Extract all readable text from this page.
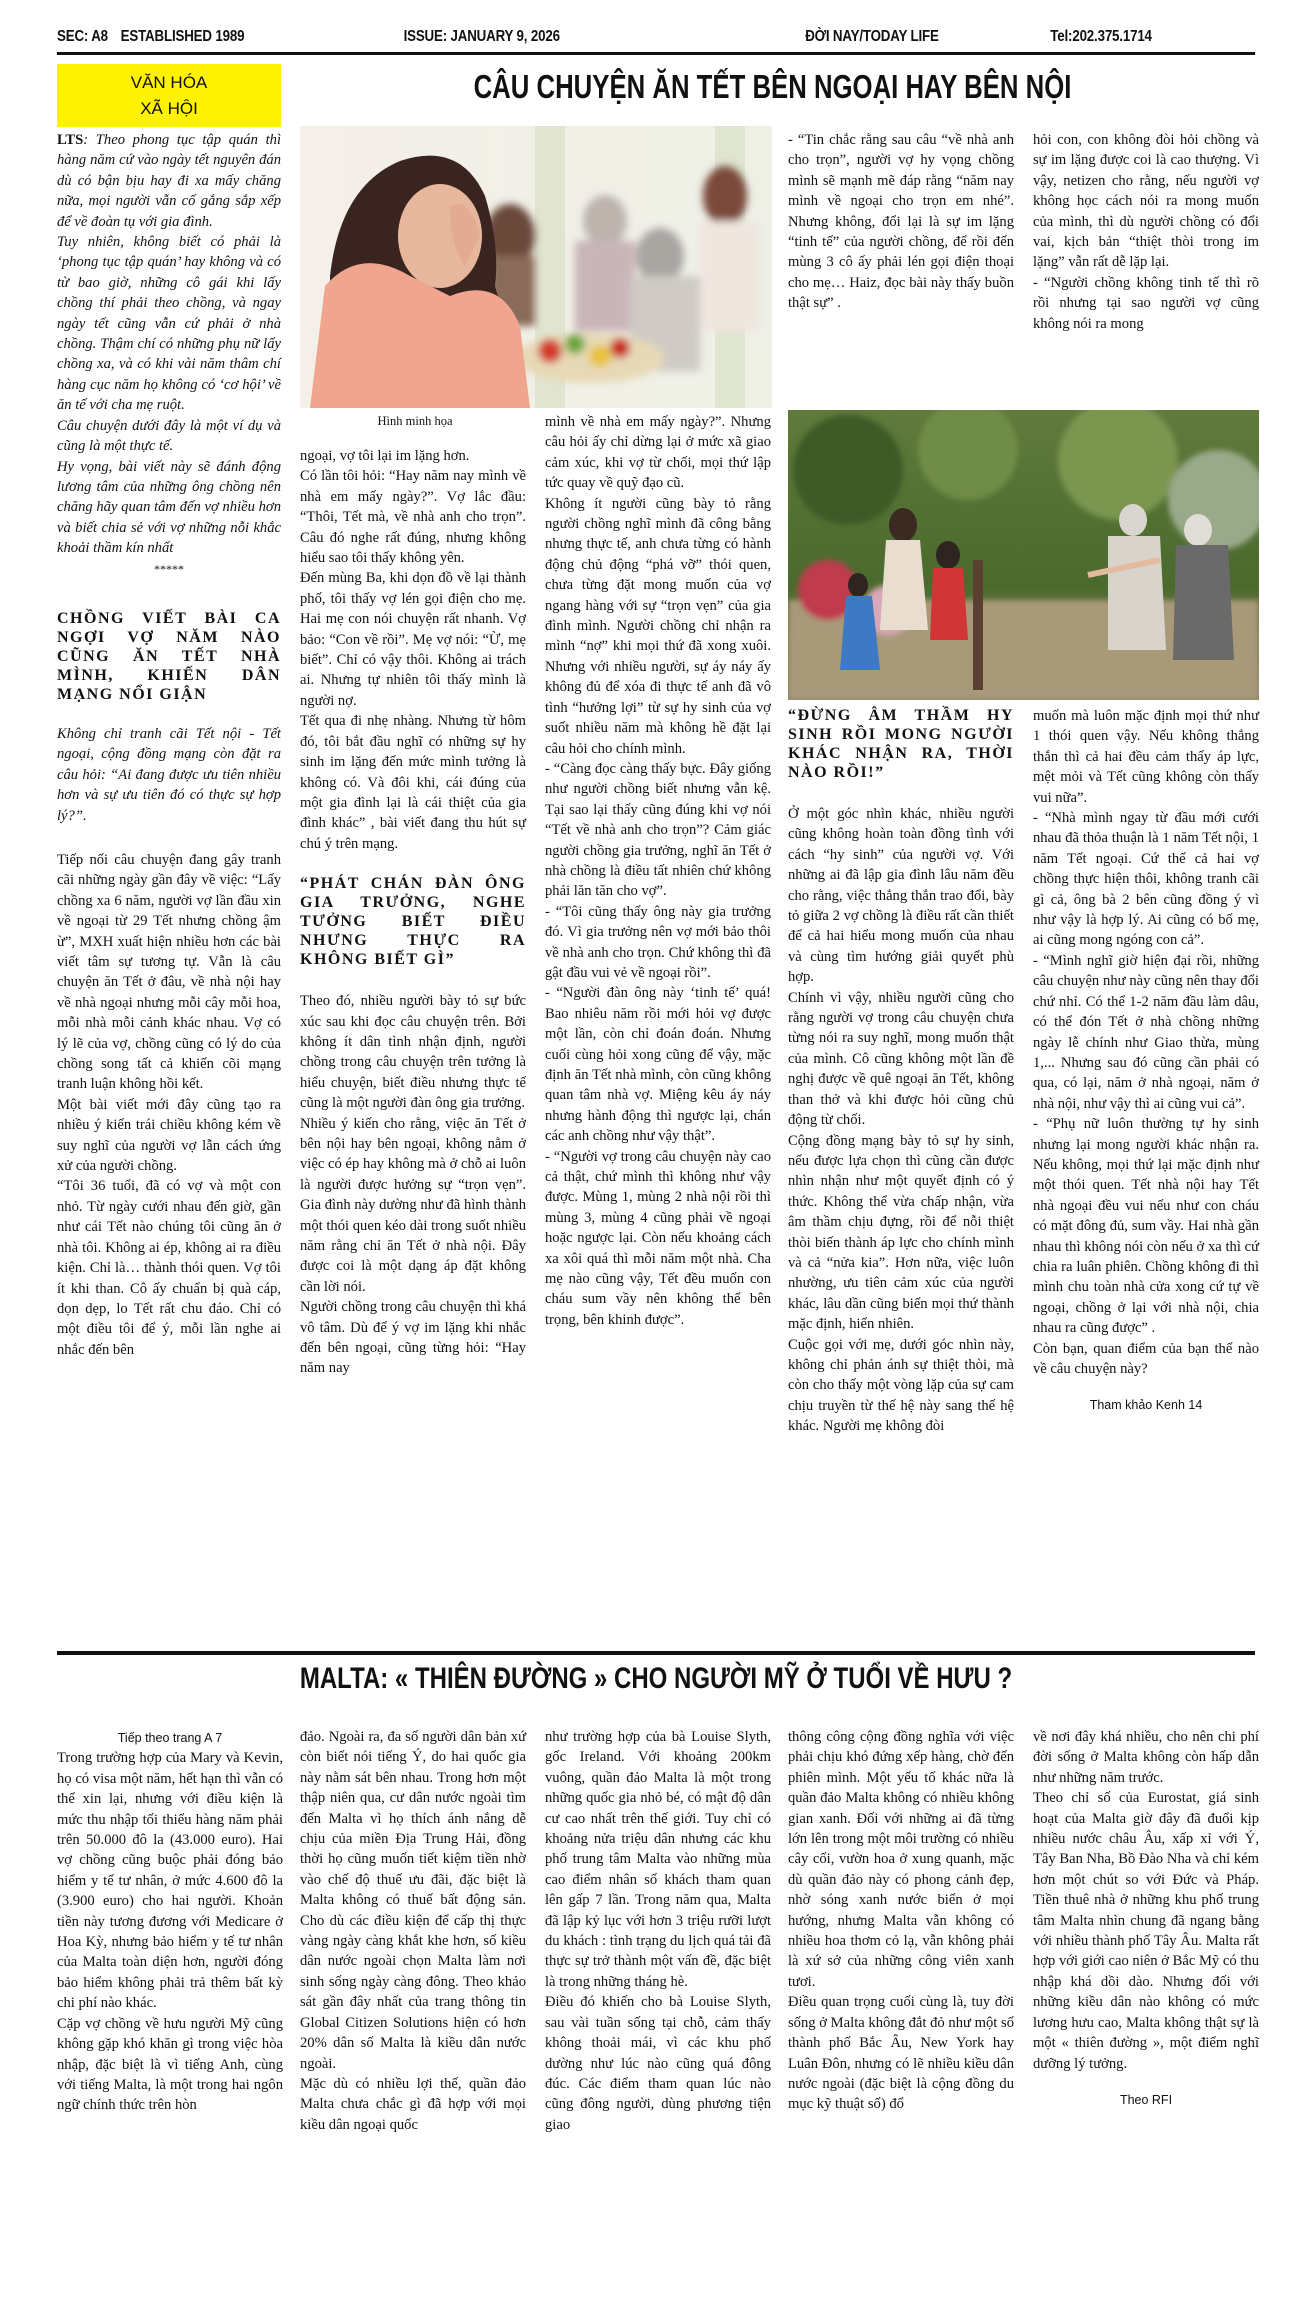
SEC: A8 ESTABLISHED 1989	ISSUE: JANUARY 9, 2026	ĐỜI NAY/TODAY LIFE	Tel:202.375.1714
VĂN HÓA
XÃ HỘI
CÂU CHUYỆN ĂN TẾT BÊN NGOẠI HAY BÊN NỘI

LTS: Theo phong tục tập quán thì hàng năm cứ vào ngày tết nguyên đán dù có bận bịu hay đi xa mấy chăng nữa, mọi người vẫn cố gắng sắp xếp để về đoàn tụ với gia đình.

Tuy nhiên, không biết có phải là ‘phong tục tập quán’ hay không và có từ bao giờ, những cô gái khi lấy chồng thí phải theo chồng, và ngay ngày tết cũng vẫn cứ phải ở nhà chồng. Thậm chí có những phụ nữ lấy chồng xa, và có khi vài năm thâm chí hàng cục năm họ không có ‘cơ hội’ về ăn tế với cha mẹ ruột.

Câu chuyện dưới đây là một ví dụ và cũng là một thực tế.

Hy vọng, bài viết này sẽ đánh động lương tâm của những ông chồng nên chăng hãy quan tâm đến vợ nhiều hơn và biết chia sẻ với vợ những nỗi khắc khoải thầm kín nhất

*****

CHỒNG VIẾT BÀI CA NGỢI VỢ NĂM NÀO CŨNG ĂN TẾT NHÀ MÌNH, KHIẾN DÂN MẠNG NỔI GIẬN

Không chỉ tranh cãi Tết nội - Tết ngoại, cộng đồng mạng còn đặt ra câu hỏi: “Ai đang được ưu tiên nhiều hơn và sự ưu tiên đó có thực sự hợp lý?”.

Tiếp nối câu chuyện đang gây tranh cãi những ngày gần đây về việc: “Lấy chồng xa 6 năm, người vợ lần đầu xin về ngoại từ 29 Tết nhưng chồng ậm ừ”, MXH xuất hiện nhiều hơn các bài viết tâm sự tương tự. Vẫn là câu chuyện ăn Tết ở đâu, về nhà nội hay về nhà ngoại nhưng mỗi cây mỗi hoa, mỗi nhà mỗi cảnh khác nhau. Vợ có lý lẽ của vợ, chồng cũng có lý do của chồng song tất cả khiến cõi mạng tranh luận không hồi kết.

Một bài viết mới đây cũng tạo ra nhiều ý kiến trái chiều không kém về suy nghĩ của người vợ lẫn cách ứng xử của người chồng.

“Tôi 36 tuổi, đã có vợ và một con nhỏ. Từ ngày cưới nhau đến giờ, gần như cái Tết nào chúng tôi cũng ăn ở nhà tôi. Không ai ép, không ai ra điều kiện. Chỉ là… thành thói quen. Vợ tôi ít khi than. Cô ấy chuẩn bị quà cáp, dọn dẹp, lo Tết rất chu đáo. Chỉ có một điều tôi để ý, mỗi lần nghe ai nhắc đến bên

Hình minh họa

ngoại, vợ tôi lại im lặng hơn.

Có lần tôi hỏi: “Hay năm nay mình về nhà em mấy ngày?”. Vợ lắc đầu: “Thôi, Tết mà, về nhà anh cho trọn”. Câu đó nghe rất đúng, nhưng không hiểu sao tôi thấy không yên.

Đến mùng Ba, khi dọn đồ về lại thành phố, tôi thấy vợ lén gọi điện cho mẹ. Hai mẹ con nói chuyện rất nhanh. Vợ bảo: “Con về rồi”. Mẹ vợ nói: “Ừ, mẹ biết”. Chỉ có vậy thôi. Không ai trách ai. Nhưng tự nhiên tôi thấy mình là người nợ.

Tết qua đi nhẹ nhàng. Nhưng từ hôm đó, tôi bắt đầu nghĩ có những sự hy sinh im lặng đến mức mình tưởng là không có. Và đôi khi, cái đúng của một gia đình lại là cái thiệt của gia đình khác” , bài viết đang thu hút sự chú ý trên mạng.

“PHÁT CHÁN ĐÀN ÔNG GIA TRƯỞNG, NGHE TƯỞNG BIẾT ĐIỀU NHƯNG THỰC RA KHÔNG BIẾT GÌ”

Theo đó, nhiều người bày tỏ sự bức xúc sau khi đọc câu chuyện trên. Bởi không ít dân tình nhận định, người chồng trong câu chuyện trên tưởng là hiểu chuyện, biết điều nhưng thực tế cũng là một người đàn ông gia trưởng.

Nhiều ý kiến cho rằng, việc ăn Tết ở bên nội hay bên ngoại, không nằm ở việc có ép hay không mà ở chỗ ai luôn là người được hưởng sự “trọn vẹn”. Gia đình này dường như đã hình thành một thói quen kéo dài trong suốt nhiều năm rằng chỉ ăn Tết ở nhà nội. Đây được coi là một dạng áp đặt không cần lời nói.

Người chồng trong câu chuyện thì khá vô tâm. Dù để ý vợ im lặng khi nhắc đến bên ngoại, cũng từng hỏi: “Hay năm nay

mình về nhà em mấy ngày?”. Nhưng câu hỏi ấy chỉ dừng lại ở mức xã giao cảm xúc, khi vợ từ chối, mọi thứ lập tức quay về quỹ đạo cũ.

Không ít người cũng bày tỏ rằng người chồng nghĩ mình đã công bằng nhưng thực tế, anh chưa từng có hành động chủ động “phá vỡ” thói quen, chưa từng đặt mong muốn của vợ ngang hàng với sự “trọn vẹn” của gia đình mình. Người chồng chỉ nhận ra mình “nợ” khi mọi thứ đã xong xuôi. Nhưng với nhiều người, sự áy náy ấy không đủ để xóa đi thực tế anh đã vô tình “hưởng lợi” từ sự hy sinh của vợ suốt nhiều năm mà không hề đặt lại câu hỏi cho chính mình.

- “Càng đọc càng thấy bực. Đây giống như người chồng biết nhưng vẫn kệ. Tại sao lại thấy cũng đúng khi vợ nói “Tết về nhà anh cho trọn”? Cảm giác người chồng gia trưởng, nghĩ ăn Tết ở nhà chồng là điều tất nhiên chứ không phải lăn tăn cho vợ”.

- “Tôi cũng thấy ông này gia trưởng đó. Vì gia trưởng nên vợ mới bảo thôi về nhà anh cho trọn. Chứ không thì đã gật đầu vui vẻ về ngoại rồi”.

- “Người đàn ông này ‘tinh tế’ quá! Bao nhiêu năm rồi mới hỏi vợ được một lần, còn chỉ đoán đoán. Nhưng cuối cùng hỏi xong cũng để vậy, mặc định ăn Tết nhà mình, còn cũng không quan tâm nhà vợ. Miệng kêu áy náy nhưng hành động thì ngược lại, chán các anh chồng như vậy thật”.

- “Người vợ trong câu chuyện này cao cả thật, chứ mình thì không như vậy được. Mùng 1, mùng 2 nhà nội rồi thì mùng 3, mùng 4 cũng phải về ngoại hoặc ngược lại. Còn nếu khoảng cách xa xôi quá thì mỗi năm một nhà. Cha mẹ nào cũng vậy, Tết đều muốn con cháu sum vầy nên không thể bên trọng, bên khinh được”.

- “Tin chắc rằng sau câu “về nhà anh cho trọn”, người vợ hy vọng chồng mình sẽ mạnh mẽ đáp rằng “năm nay mình về ngoại cho trọn em nhé”. Nhưng không, đổi lại là sự im lặng “tinh tế” của người chồng, để rồi đến mùng 3 cô ấy phải lén gọi điện thoại cho mẹ… Haiz, đọc bài này thấy buồn thật sự” .

hỏi con, con không đòi hỏi chồng và sự im lặng được coi là cao thượng. Vì vậy, netizen cho rằng, nếu người vợ không học cách nói ra mong muốn của mình, thì dù người chồng có đổi vai, kịch bản “thiệt thòi trong im lặng” vẫn rất dễ lặp lại.

- “Người chồng không tinh tế thì rõ rồi nhưng tại sao người vợ cũng không nói ra mong

“ĐỪNG ÂM THẦM HY SINH RỒI MONG NGƯỜI KHÁC NHẬN RA, THỜI NÀO RỒI!”

Ở một góc nhìn khác, nhiều người cũng không hoàn toàn đồng tình với cách “hy sinh” của người vợ. Với những ai đã lập gia đình lâu năm đều cho rằng, việc thẳng thắn trao đổi, bày tỏ giữa 2 vợ chồng là điều rất cần thiết để cả hai hiểu mong muốn của nhau và cùng tìm hướng giải quyết phù hợp.

Chính vì vậy, nhiều người cũng cho rằng người vợ trong câu chuyện chưa từng nói ra suy nghĩ, mong muốn thật của mình. Cô cũng không một lần đề nghị được về quê ngoại ăn Tết, không than thở và khi được hỏi cũng chủ động từ chối.

Cộng đồng mạng bày tỏ sự hy sinh, nếu được lựa chọn thì cũng cần được nhìn nhận như một quyết định có ý thức. Không thể vừa chấp nhận, vừa âm thầm chịu đựng, rồi để nỗi thiệt thòi biến thành áp lực cho chính mình và cả “nửa kia”. Hơn nữa, việc luôn nhường, ưu tiên cảm xúc của người khác, lâu dần cũng biến mọi thứ thành mặc định, hiển nhiên.

Cuộc gọi với mẹ, dưới góc nhìn này, không chỉ phản ánh sự thiệt thòi, mà còn cho thấy một vòng lặp của sự cam chịu truyền từ thế hệ này sang thế hệ khác. Người mẹ không đòi

muốn mà luôn mặc định mọi thứ như 1 thói quen vậy. Nếu không thẳng thắn thì cả hai đều cảm thấy áp lực, mệt mỏi và Tết cũng không còn thấy vui nữa”.

- “Nhà mình ngay từ đầu mới cưới nhau đã thỏa thuận là 1 năm Tết nội, 1 năm Tết ngoại. Cứ thế cả hai vợ chồng thực hiện thôi, không tranh cãi gì cả, ông bà 2 bên cũng đồng ý vì như vậy là hợp lý. Ai cũng có bố mẹ, ai cũng mong ngóng con cả”.

- “Mình nghĩ giờ hiện đại rồi, những câu chuyện như này cũng nên thay đổi chứ nhỉ. Có thể 1-2 năm đầu làm dâu, có thể đón Tết ở nhà chồng những ngày lễ chính như Giao thừa, mùng 1,... Nhưng sau đó cũng cần phải có qua, có lại, năm ở nhà ngoại, năm ở nhà nội, như vậy thì ai cũng vui cả”.

- “Phụ nữ luôn thường tự hy sinh nhưng lại mong người khác nhận ra. Nếu không, mọi thứ lại mặc định như một thói quen. Tết nhà nội hay Tết nhà ngoại đều vui nếu như con cháu có mặt đông đủ, sum vầy. Hai nhà gần nhau thì không nói còn nếu ở xa thì cứ chia ra luân phiên. Chồng không đi thì mình chu toàn nhà cửa xong cứ tự về ngoại, chồng ở lại với nhà nội, chia nhau ra cũng được” .

Còn bạn, quan điểm của bạn thế nào về câu chuyện này?

Tham khảo Kenh 14

MALTA: « THIÊN ĐƯỜNG » CHO NGƯỜI MỸ Ở TUỔI VỀ HƯU ?

Tiếp theo trang A 7

Trong trường hợp của Mary và Kevin, họ có visa một năm, hết hạn thì vẫn có thể xin lại, nhưng với điều kiện là mức thu nhập tối thiểu hàng năm phải trên 50.000 đô la (43.000 euro). Hai vợ chồng cũng buộc phải đóng bảo hiểm y tế tư nhân, ở mức 4.600 đô la (3.900 euro) cho hai người. Khoản tiền này tương đương với Medicare ở Hoa Kỳ, nhưng bảo hiểm y tế tư nhân của Malta toàn diện hơn, người đóng bảo hiểm không phải trả thêm bất kỳ chi phí nào khác.

Cặp vợ chồng về hưu người Mỹ cũng không gặp khó khăn gì trong việc hòa nhập, đặc biệt là vì tiếng Anh, cùng với tiếng Malta, là một trong hai ngôn ngữ chính thức trên hòn

đảo. Ngoài ra, đa số người dân bản xứ còn biết nói tiếng Ý, do hai quốc gia này nằm sát bên nhau. Trong hơn một thập niên qua, cư dân nước ngoài tìm đến Malta vì họ thích ánh nắng dễ chịu của miền Địa Trung Hải, đồng thời họ cũng muốn tiết kiệm tiền nhờ vào chế độ thuế ưu đãi, đặc biệt là Malta không có thuế bất động sản. Cho dù các điều kiện để cấp thị thực vàng ngày càng khắt khe hơn, số kiều dân nước ngoài chọn Malta làm nơi sinh sống ngày càng đông. Theo khảo sát gần đây nhất của trang thông tin Global Citizen Solutions hiện có hơn 20% dân số Malta là kiều dân nước ngoài.

Mặc dù có nhiều lợi thế, quần đảo Malta chưa chắc gì đã hợp với mọi kiều dân ngoại quốc

như trường hợp của bà Louise Slyth, gốc Ireland. Với khoảng 200km vuông, quần đảo Malta là một trong những quốc gia nhỏ bé, có mật độ dân cư cao nhất trên thế giới. Tuy chỉ có khoảng nửa triệu dân nhưng các khu phố trung tâm Malta vào những mùa cao điểm nhân số khách tham quan lên gấp 7 lần. Trong năm qua, Malta đã lập kỷ lục với hơn 3 triệu rưỡi lượt du khách : tình trạng du lịch quá tải đã thực sự trở thành một vấn đề, đặc biệt là trong những tháng hè.

Điều đó khiến cho bà Louise Slyth, sau vài tuần sống tại chỗ, cảm thấy không thoải mái, vì các khu phố dường như lúc nào cũng quá đông đúc. Các điểm tham quan lúc nào cũng đông người, dùng phương tiện giao

thông công cộng đồng nghĩa với việc phải chịu khó đứng xếp hàng, chờ đến phiên mình. Một yếu tố khác nữa là quần đảo Malta không có nhiều không gian xanh. Đối với những ai đã từng lớn lên trong một môi trường có nhiều cây cối, vườn hoa ở xung quanh, mặc dù quần đảo này có phong cảnh đẹp, nhờ sóng xanh nước biển ở mọi hướng, nhưng Malta vẫn không có nhiều hoa thơm cỏ lạ, vẫn không phải là xứ sở của những công viên xanh tươi.

Điều quan trọng cuối cùng là, tuy đời sống ở Malta không đắt đỏ như một số thành phố Bắc Âu, New York hay Luân Đôn, nhưng có lẽ nhiều kiều dân nước ngoài (đặc biệt là cộng đồng du mục kỹ thuật số) đổ

về nơi đây khá nhiều, cho nên chi phí đời sống ở Malta không còn hấp dẫn như những năm trước.

Theo chỉ số của Eurostat, giá sinh hoạt của Malta giờ đây đã đuổi kịp nhiều nước châu Âu, xấp xỉ với Ý, Tây Ban Nha, Bồ Đào Nha và chỉ kém hơn một chút so với Đức và Pháp. Tiền thuê nhà ở những khu phố trung tâm Malta nhìn chung đã ngang bằng với nhiều thành phố Tây Âu. Malta rất hợp với giới cao niên ở Bắc Mỹ có thu nhập khá dồi dào. Nhưng đối với những kiều dân nào không có mức lương hưu cao, Malta không thật sự là một « thiên đường », một điểm nghĩ dưỡng lý tưởng.

Theo RFI
